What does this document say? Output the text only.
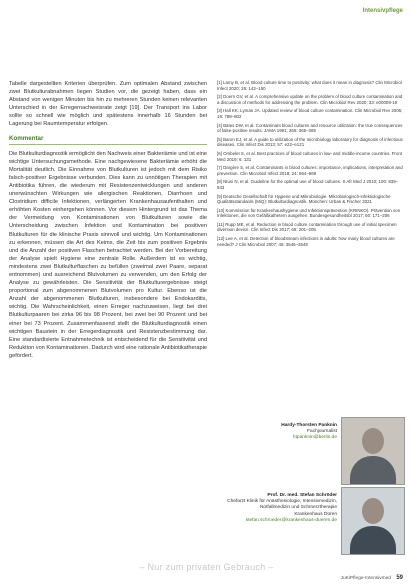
Intensivpflege

Tabelle dargestellten Kriterien überprüfen. Zum optimalen Abstand zwischen zwei Blutkulturabnahmen liegen Studien vor, die gezeigt haben, dass ein Abstand von wenigen Minuten bis hin zu mehreren Stunden keinen relevanten Unterschied in der Erregernachweisrate zeigt [19]. Der Transport ins Labor sollte so schnell wie möglich und spätestens innerhalb 16 Stunden bei Lagerung bei Raumtemperatur erfolgen.

Kommentar

Die Blutkulturdiagnostik ermöglicht den Nachweis einer Bakteriämie und ist eine wichtige Untersuchungsmethode. Eine nachgewiesene Bakteriämie erhöht die Mortalität deutlich. Die Einnahme von Blutkulturen ist jedoch mit dem Risiko falsch-positiver Ergebnisse verbunden. Dies kann zu unnötigen Therapien mit Antibiotika führen, die wiederum mit Resistenzentwicklungen und anderen unerwünschten Wirkungen wie allergischen Reaktionen, Diarrhoen und Clostridium difficile Infektionen, verlängerten Krankenhausaufenthalten und erhöhten Kosten einhergehen können. Vor diesem Hintergrund ist das Thema der Vermeidung von Kontaminationen von Blutkulturen sowie die Unterscheidung zwischen Infektion und Kontamination bei positiven Blutkulturen für die klinische Praxis sinnvoll und wichtig. Um Kontaminationen zu erkennen, müssen die Art des Keims, die Zeit bis zum positiven Ergebnis und die Anzahl der positiven Flaschen betrachtet werden. Bei der Vorbereitung der Analyse spielt Hygiene eine zentrale Rolle. Außerdem ist es wichtig, mindestens zwei Blutkulturflaschen zu befüllen (zweimal zwei Paare, separat entnommen) und ausreichend Blutvolumen zu verwenden, um den Erfolg der Analyse zu gewährleisten. Die Sensitivität der Blutkulturergebnisse steigt proportional zum abgenommenen Blutvolumen pro Kultur. Ebenso ist die Anzahl der abgenommenen Blutkulturen, insbesondere bei Endokarditis, wichtig. Die Wahrscheinlichkeit, einen Erreger nachzuweisen, liegt bei drei Blutkulturpaaren bei zirka 96 bis 98 Prozent, bei zwei bei 90 Prozent und bei einer bei 73 Prozent. Zusammenfassend stellt die Blutkulturdiagnostik einen wichtigen Baustein in der Erregerdiagnostik und Resistenzbestimmung dar. Eine standardisierte Entnahmetechnik ist entscheidend für die Sensitivität und Reduktion von Kontaminationen. Dadurch wird eine rationale Antibiotikatherapie gefördert.

[1] Lamy B, et al. Blood culture time to positivity: what does it mean in diagnosis? Clin Microbiol Infect 2020; 26: 142–150

[2] Doern GV, et al. A comprehensive update on the problem of blood culture contamination and a discussion of methods for addressing the problem. Clin Microbiol Rev 2020; 33: e00009-19

[3] Hall KK, Lyman JA. Updated review of blood culture contamination. Clin Microbiol Rev 2006; 19: 788–802

[4] Bates DW, et al. Contaminant blood cultures and resource utilization: the true consequences of false-positive results. JAMA 1991; 265: 365–369

[5] Baron EJ, et al. A guide to utilization of the microbiology laboratory for diagnosis of infectious diseases. Clin Infect Dis 2013; 57: e22–e121

[6] Ombelet S, et al. Best practices of blood cultures in low- and middle-income countries. Front Med 2019; 6: 131

[7] Dargère S, et al. Contaminants in blood cultures: importance, implications, interpretation and prevention. Clin Microbiol Infect 2018; 24: 964–969

[8] Ntusi N, et al. Guideline for the optimal use of blood cultures. S Afr Med J 2010; 100: 839–843

[9] Deutsche Gesellschaft für Hygiene und Mikrobiologie. Mikrobiologisch-infektiologische Qualitätsstandards (MiQ): Blutkulturdiagnostik. München: Urban & Fischer 2021

[10] Kommission für Krankenhaushygiene und Infektionsprävention (KRINKO). Prävention von Infektionen, die von Gefäßkathetern ausgehen. Bundesgesundheitsbl 2017; 60: 171–206

[11] Rupp ME, et al. Reduction in blood culture contamination through use of initial specimen diversion device. Clin Infect Dis 2017; 65: 201–205

[12] Lee A, et al. Detection of bloodstream infections in adults: how many blood cultures are needed? J Clin Microbiol 2007; 45: 3546–3548

Hardy-Thorsten Panknin
Fachjournalist
htpanknin@berlin.de
Prof. Dr. med. Stefan Schröder
Chefarzt Klinik für Anästhesiologie, Intensivmedizin, Notfallmedizin und Schmerztherapie
Krankenhaus Düren
stefan.schroeder@krankenhaus-dueren.de
– Nur zum privaten Gebrauch –
JuKiPflege-Intensivmed 59
